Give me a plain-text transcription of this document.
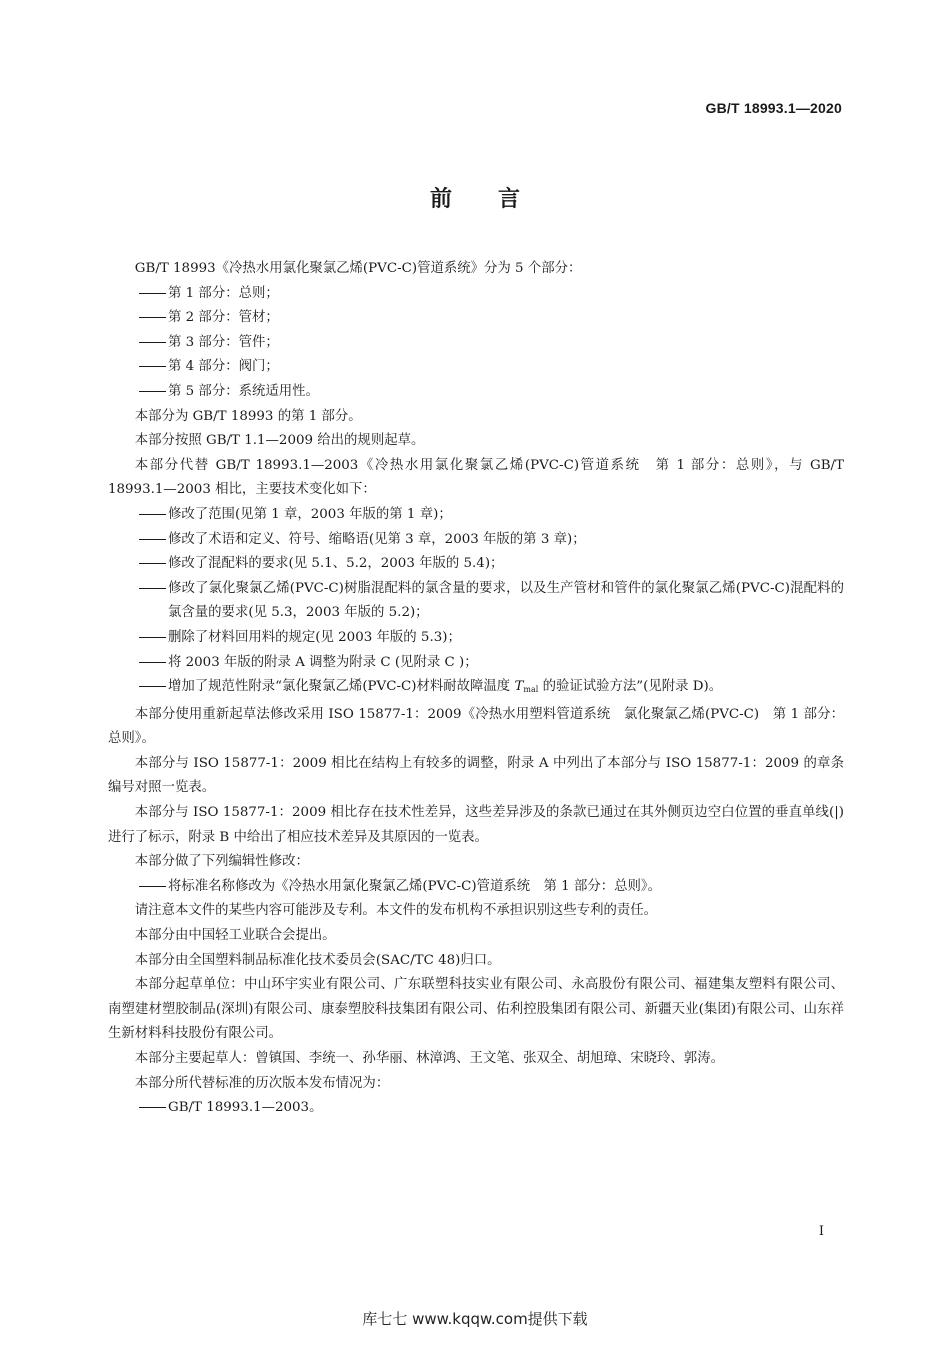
GB/T 18993.1—2020
前言

GB/T 18993《冷热水用氯化聚氯乙烯(PVC-C)管道系统》分为 5 个部分：

第 1 部分：总则；

第 2 部分：管材；

第 3 部分：管件；

第 4 部分：阀门；

第 5 部分：系统适用性。

本部分为 GB/T 18993 的第 1 部分。

本部分按照 GB/T 1.1—2009 给出的规则起草。

本部分代替 GB/T 18993.1—2003《冷热水用氯化聚氯乙烯(PVC-C)管道系统　第 1 部分：总则》，与 GB/T 18993.1—2003 相比，主要技术变化如下：

修改了范围(见第 1 章，2003 年版的第 1 章)；

修改了术语和定义、符号、缩略语(见第 3 章，2003 年版的第 3 章)；

修改了混配料的要求(见 5.1、5.2，2003 年版的 5.4)；

修改了氯化聚氯乙烯(PVC-C)树脂混配料的氯含量的要求，以及生产管材和管件的氯化聚氯乙烯(PVC-C)混配料的氯含量的要求(见 5.3，2003 年版的 5.2)；

删除了材料回用料的规定(见 2003 年版的 5.3)；

将 2003 年版的附录 A 调整为附录 C (见附录 C )；

增加了规范性附录“氯化聚氯乙烯(PVC-C)材料耐故障温度 $T_{mal}$ 的验证试验方法”(见附录 D)。

本部分使用重新起草法修改采用 ISO 15877-1：2009《冷热水用塑料管道系统　氯化聚氯乙烯(PVC-C)　第 1 部分：总则》。

本部分与 ISO 15877-1：2009 相比在结构上有较多的调整，附录 A 中列出了本部分与 ISO 15877-1：2009 的章条编号对照一览表。

本部分与 ISO 15877-1：2009 相比存在技术性差异，这些差异涉及的条款已通过在其外侧页边空白位置的垂直单线(|)进行了标示，附录 B 中给出了相应技术差异及其原因的一览表。

本部分做了下列编辑性修改：

将标准名称修改为《冷热水用氯化聚氯乙烯(PVC-C)管道系统　第 1 部分：总则》。

请注意本文件的某些内容可能涉及专利。本文件的发布机构不承担识别这些专利的责任。

本部分由中国轻工业联合会提出。

本部分由全国塑料制品标准化技术委员会(SAC/TC 48)归口。

本部分起草单位：中山环宇实业有限公司、广东联塑科技实业有限公司、永高股份有限公司、福建集友塑料有限公司、南塑建材塑胶制品(深圳)有限公司、康泰塑胶科技集团有限公司、佑利控股集团有限公司、新疆天业(集团)有限公司、山东祥生新材料科技股份有限公司。

本部分主要起草人：曾镇国、李统一、孙华丽、林漳鸿、王文笔、张双全、胡旭璋、宋晓玲、郭涛。

本部分所代替标准的历次版本发布情况为：

GB/T 18993.1—2003。

I
库七七 www.kqqw.com提供下载
